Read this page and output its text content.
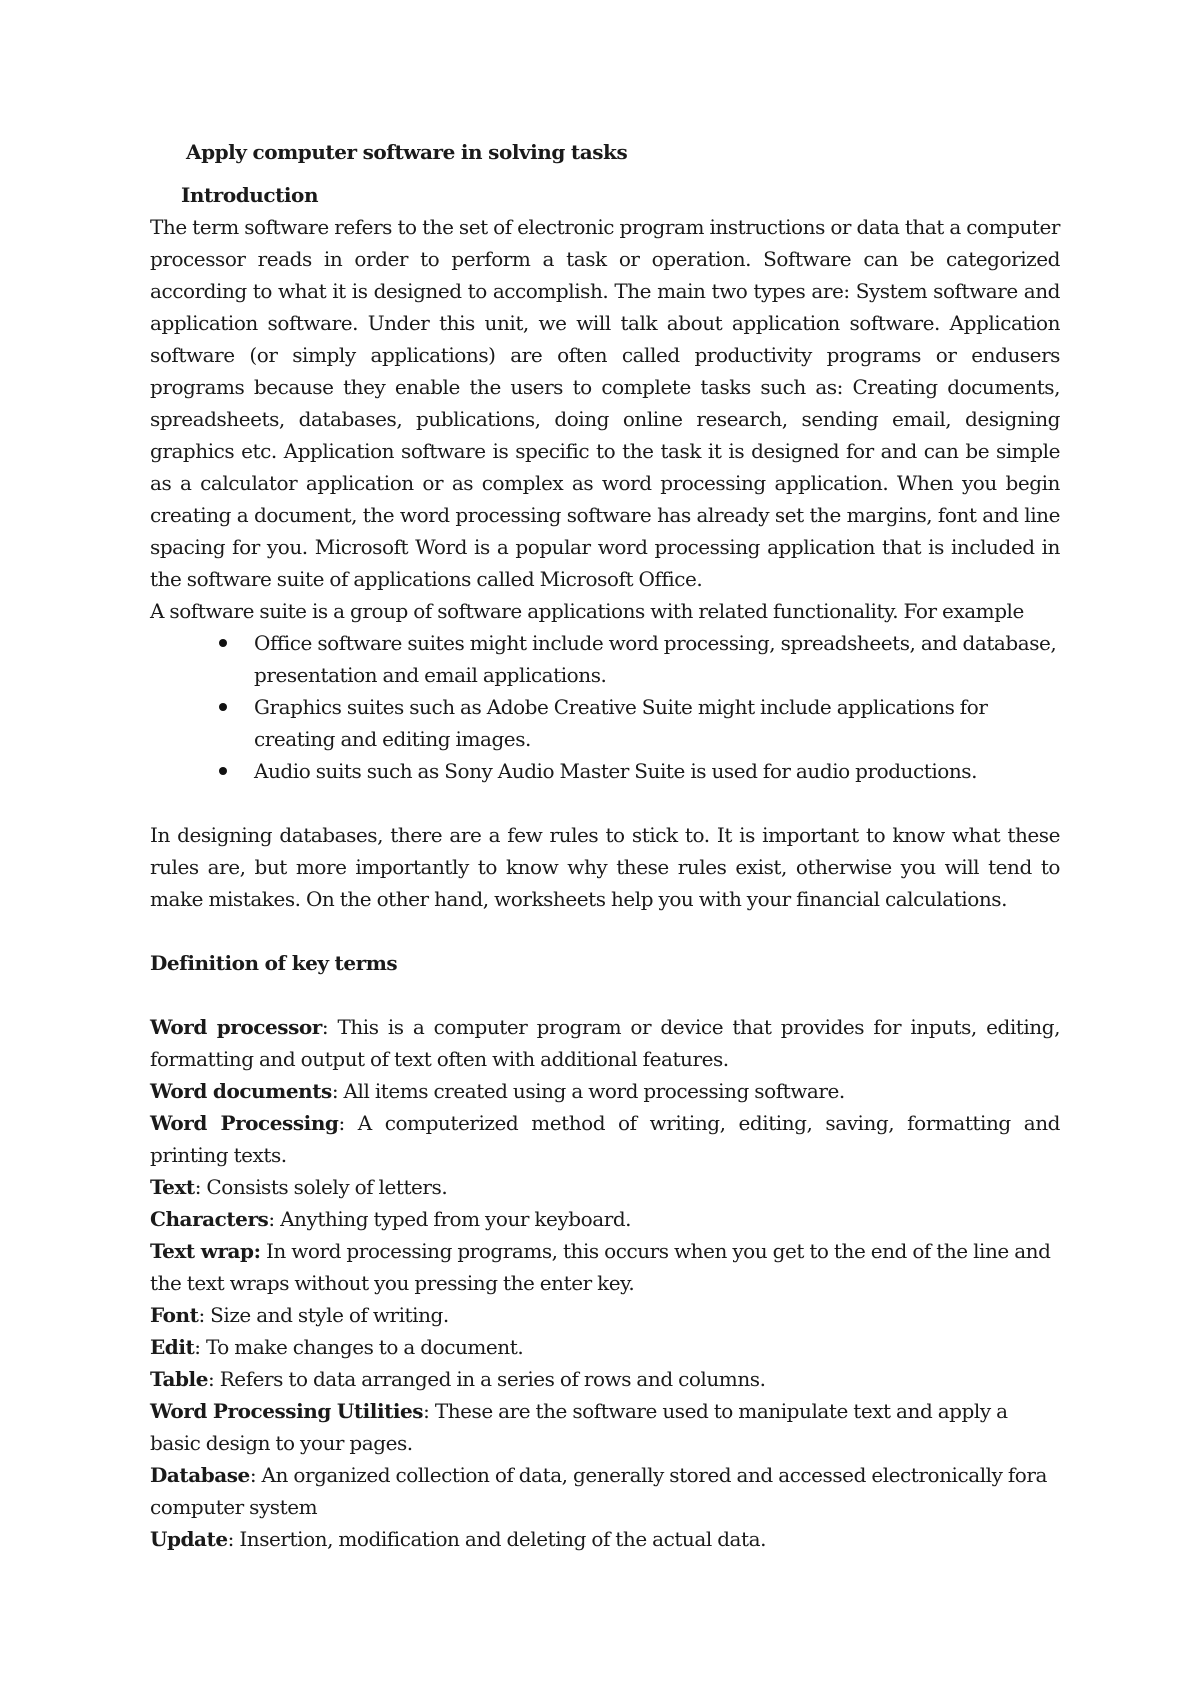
Apply computer software in solving tasks

Introduction

The term software refers to the set of electronic program instructions or data that a computer processor reads in order to perform a task or operation. Software can be categorized according to what it is designed to accomplish. The main two types are: System software and application software. Under this unit, we will talk about application software. Application software (or simply applications) are often called productivity programs or endusers programs because they enable the users to complete tasks such as: Creating documents, spreadsheets, databases, publications, doing online research, sending email, designing graphics etc. Application software is specific to the task it is designed for and can be simple as a calculator application or as complex as word processing application. When you begin creating a document, the word processing software has already set the margins, font and line spacing for you. Microsoft Word is a popular word processing application that is included in the software suite of applications called Microsoft Office.

A software suite is a group of software applications with related functionality. For example

Office software suites might include word processing, spreadsheets, and database, presentation and email applications.
Graphics suites such as Adobe Creative Suite might include applications for creating and editing images.
Audio suits such as Sony Audio Master Suite is used for audio productions.

In designing databases, there are a few rules to stick to. It is important to know what these rules are, but more importantly to know why these rules exist, otherwise you will tend to make mistakes. On the other hand, worksheets help you with your financial calculations.

Definition of key terms

Word processor: This is a computer program or device that provides for inputs, editing, formatting and output of text often with additional features.

Word documents: All items created using a word processing software.

Word Processing: A computerized method of writing, editing, saving, formatting and printing texts.

Text: Consists solely of letters.

Characters: Anything typed from your keyboard.

Text wrap: In word processing programs, this occurs when you get to the end of the line and the text wraps without you pressing the enter key.

Font: Size and style of writing.

Edit: To make changes to a document.

Table: Refers to data arranged in a series of rows and columns.

Word Processing Utilities: These are the software used to manipulate text and apply a basic design to your pages.

Database: An organized collection of data, generally stored and accessed electronically fora computer system

Update: Insertion, modification and deleting of the actual data.
